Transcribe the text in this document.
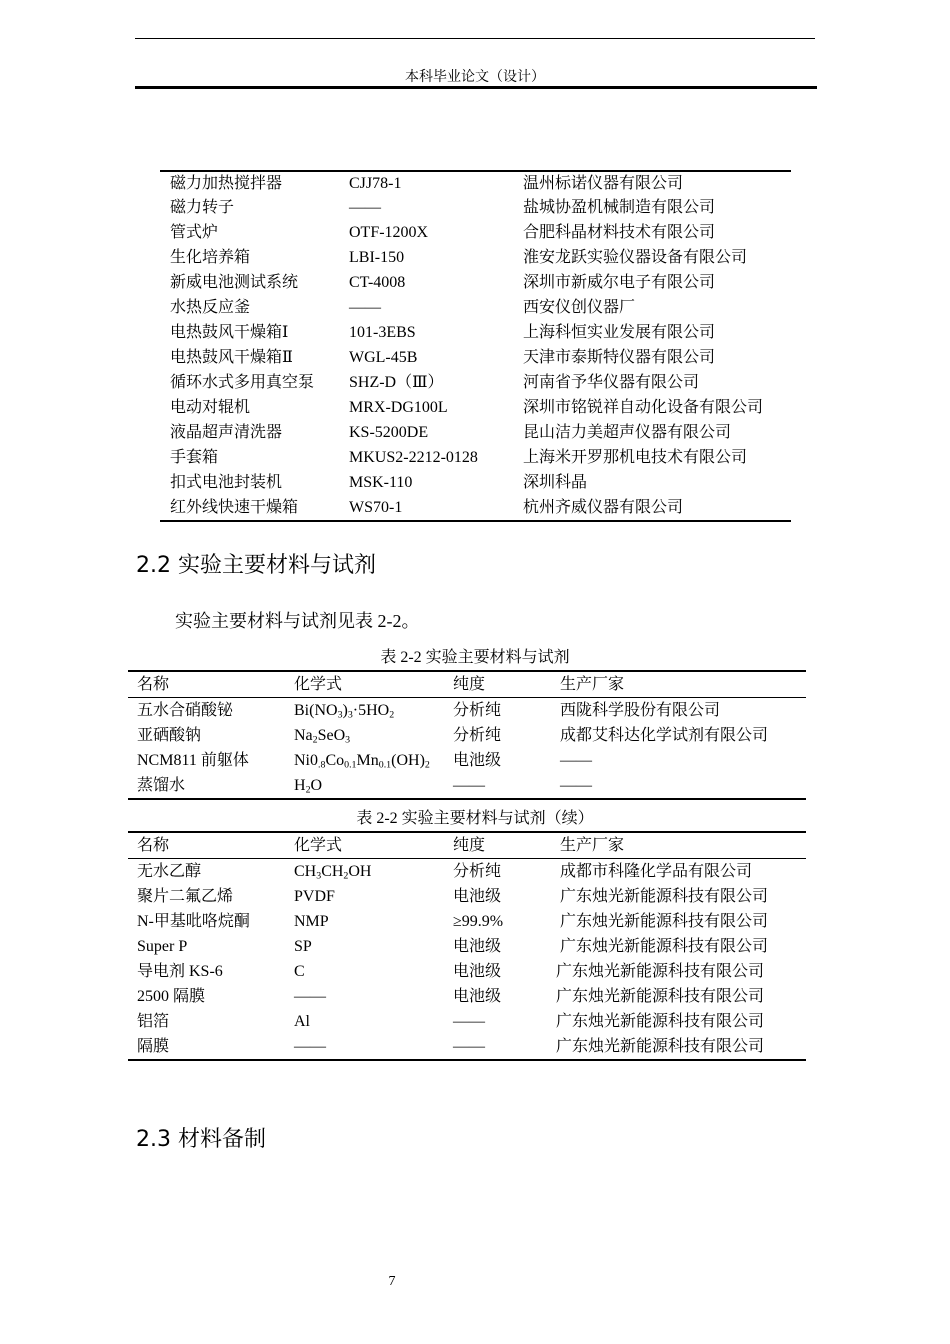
本科毕业论文（设计）
磁力加热搅拌器	CJJ78-1	温州标诺仪器有限公司
磁力转子	——	盐城协盈机械制造有限公司
管式炉	OTF-1200X	合肥科晶材料技术有限公司
生化培养箱	LBI-150	淮安龙跃实验仪器设备有限公司
新威电池测试系统	CT-4008	深圳市新威尔电子有限公司
水热反应釜	——	西安仪创仪器厂
电热鼓风干燥箱Ⅰ	101-3EBS	上海科恒实业发展有限公司
电热鼓风干燥箱Ⅱ	WGL-45B	天津市泰斯特仪器有限公司
循环水式多用真空泵	SHZ-D（Ⅲ）	河南省予华仪器有限公司
电动对辊机	MRX-DG100L	深圳市铭锐祥自动化设备有限公司
液晶超声清洗器	KS-5200DE	昆山洁力美超声仪器有限公司
手套箱	MKUS2-2212-0128	上海米开罗那机电技术有限公司
扣式电池封装机	MSK-110	深圳科晶
红外线快速干燥箱	WS70-1	杭州齐威仪器有限公司
2.2 实验主要材料与试剂
实验主要材料与试剂见表 2-2。
表 2-2 实验主要材料与试剂
名称	化学式	纯度	生产厂家
五水合硝酸铋	$Bi(NO_3)_3\cdot 5HO_2$	分析纯	西陇科学股份有限公司
亚硒酸钠	$Na_2SeO_3$	分析纯	成都艾科达化学试剂有限公司
NCM811 前躯体	$Ni0_{.8}Co_{0.1}Mn_{0.1}(OH)_2$	电池级	——
蒸馏水	$H_2O$	——	——
表 2-2 实验主要材料与试剂（续）
名称	化学式	纯度	生产厂家
无水乙醇	$CH_3CH_2OH$	分析纯	成都市科隆化学品有限公司
聚片二氟乙烯	PVDF	电池级	广东烛光新能源科技有限公司
N-甲基吡咯烷酮	NMP	≥99.9%	广东烛光新能源科技有限公司
Super P	SP	电池级	广东烛光新能源科技有限公司
导电剂 KS-6	C	电池级	广东烛光新能源科技有限公司
2500 隔膜	——	电池级	广东烛光新能源科技有限公司
铝箔	Al	——	广东烛光新能源科技有限公司
隔膜	——	——	广东烛光新能源科技有限公司
2.3 材料备制
7
